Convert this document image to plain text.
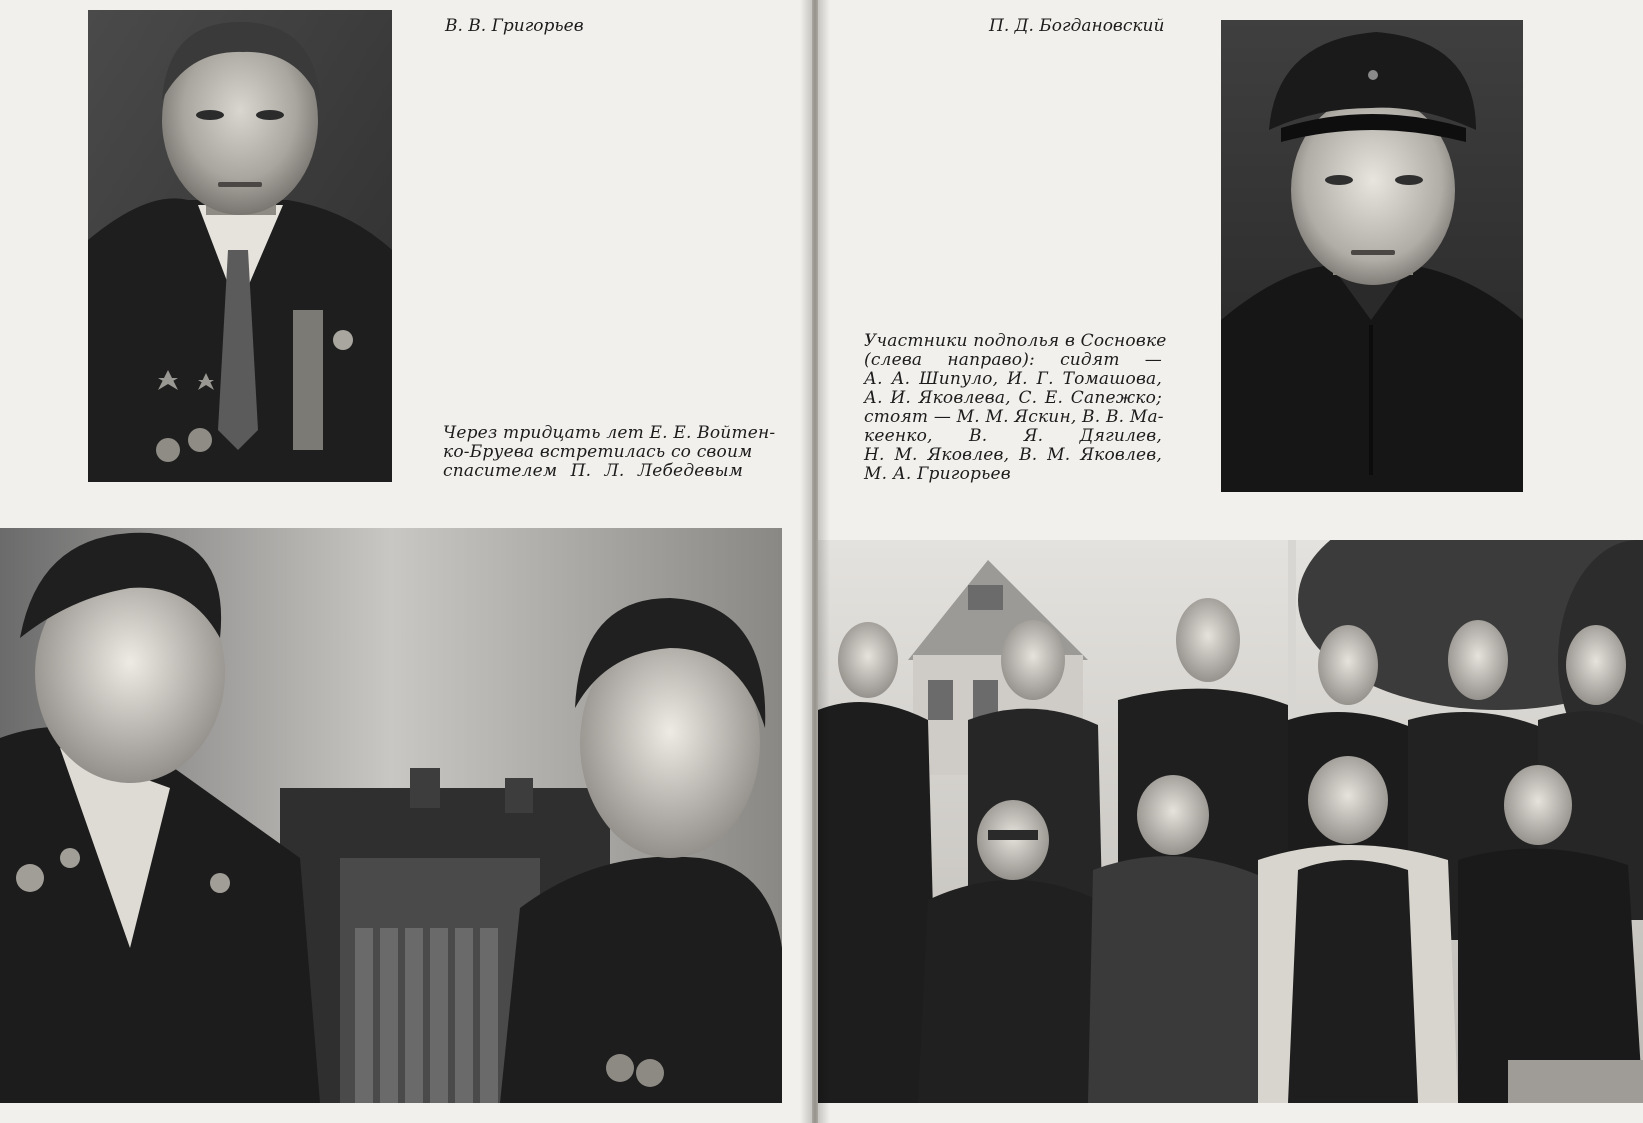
В. В. Григорьев
Через тридцать лет Е. Е. Войтен-
ко-Бруева встретилась со своим
спасителем П. Л. Лебедевым
П. Д. Богдановский
Участники подполья в Сосновке
(слева направо): сидят —
А. А. Шипуло, И. Г. Томашова,
А. И. Яковлева, С. Е. Сапежко;
стоят — М. М. Яскин, В. В. Ма-
кеенко, В. Я. Дягилев,
Н. М. Яковлев, В. М. Яковлев,
М. А. Григорьев
